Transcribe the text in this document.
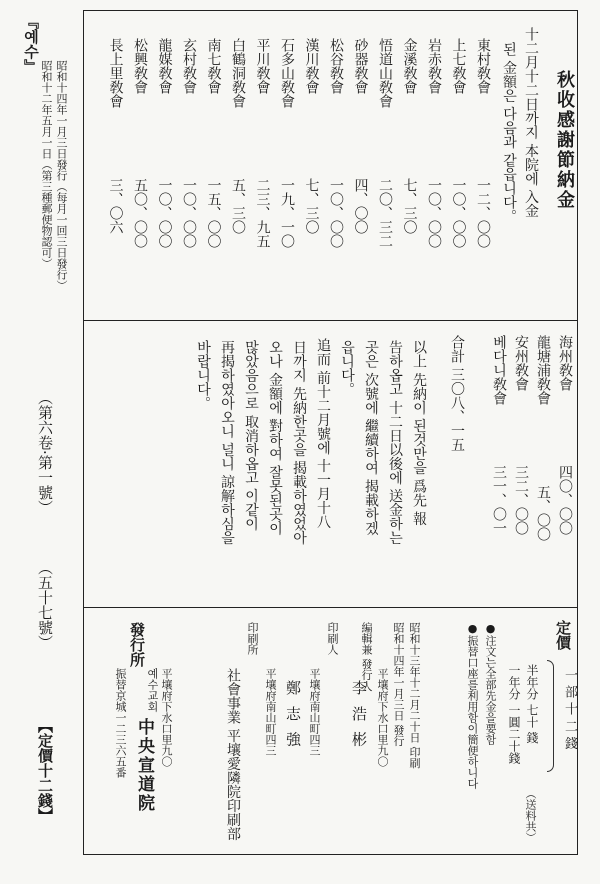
『예수』
昭和十二年五月一日（第三種郵便物認可） 昭和十四年一月三日發行（每月一回三日發行）
（第六卷·第一號）
（五十七號）
【定價十二錢】
秋收感謝節納金
十二月十二日까지 本院에 入金
된 金額은 다음과 같읍니다。
東村敎會
一二、〇〇
上七敎會
一〇、〇〇
岩赤敎會
一〇、〇〇
金溪敎會
七、三〇
悟道山敎會
二〇、三二
砂器敎會
四、〇〇
松谷敎會
一〇、〇〇
漢川敎會
七、三〇
石多山敎會
一九、一〇
平川敎會
二三、九五
白鶴洞敎會
五、三〇
南七敎會
一五、〇〇
玄村敎會
一〇、〇〇
龍媒敎會
一〇、〇〇
松興敎會
五〇、〇〇
長上里敎會
三、〇六
海州敎會
四〇、〇〇
龍塘浦敎會
五、〇〇
安州敎會
三二、〇〇
베다니敎會
三一、〇一
合計 三〇八、一五
以上 先納이 된것만을 爲先 報
告하옵고 十二日以後에 送金하는
곳은 次號에 繼續하여 揭載하겠
읍니다。
追而 前十二月號에 十一月十八
日까지 先納한곳을 揭載하였었아
오나 金額에 對하여 잘못된곳이
많았음으로 取消하옵고 이같이
再揭하였아오니 널니 諒解하심을
바랍니다。
定價
半年分 七十 錢
一年分 一圓二十錢	一 部 十 二 錢
（送料共）
●注文는全部先金을要함
●振替口座를利用함이簡便하니다
昭和十三年十二月二十日 印刷
昭和十四年一月三日 發行
編輯兼 發行人
平壤府下水口里九〇
李 浩 彬
印刷人
平壤府南山町四三
鄭 志 強
印刷所
平壤府南山町四三
社會事業 平壤愛隣院印刷部
發行所
예수교회 平壤府下水口里九〇
中央宣道院
振替京城一二三六五番
